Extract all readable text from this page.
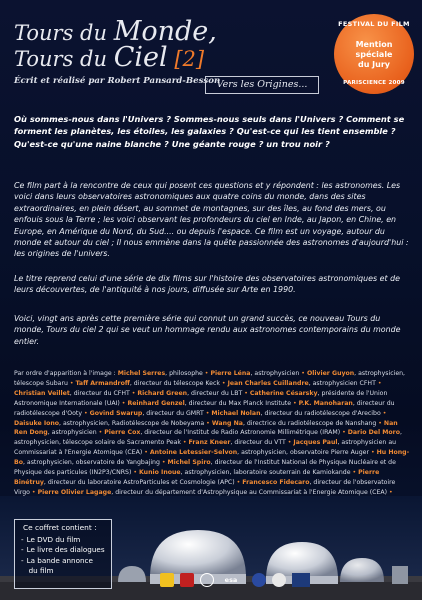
Tours du Monde,
Tours du Ciel [2]
Écrit et réalisé par Robert Pansard-Besson
Vers les Origines...
FESTIVAL DU FILM
Mention
spéciale
du Jury
PARISCIENCE 2009

Où sommes-nous dans l'Univers ? Sommes-nous seuls dans l'Univers ? Comment se forment les planètes, les étoiles, les galaxies ? Qu'est-ce qui les tient ensemble ? Qu'est-ce qu'une naine blanche ? Une géante rouge ? un trou noir ?

Ce film part à la rencontre de ceux qui posent ces questions et y répondent : les astronomes. Les voici dans leurs observatoires astronomiques aux quatre coins du monde, dans des sites extraordinaires, en plein désert, au sommet de montagnes, sur des îles, au fond des mers, ou enfouis sous la Terre ; les voici observant les profondeurs du ciel en Inde, au Japon, en Chine, en Europe, en Amérique du Nord, du Sud.... ou depuis l'espace. Ce film est un voyage, autour du monde et autour du ciel ; Il nous emmène dans la quête passionnée des astronomes d'aujourd'hui : les origines de l'univers.

Le titre reprend celui d'une série de dix films sur l'histoire des observatoires astronomiques et de leurs découvertes, de l'antiquité à nos jours, diffusée sur Arte en 1990.

Voici, vingt ans après cette première série qui connut un grand succès, ce nouveau Tours du monde, Tours du ciel 2 qui se veut un hommage rendu aux astronomes contemporains du monde entier.

Par ordre d'apparition à l'image : Michel Serres, philosophe • Pierre Léna, astrophysicien • Olivier Guyon, astrophysicien, télescope Subaru • Taff Armandroff, directeur du télescope Keck • Jean Charles Cuillandre, astrophysicien CFHT • Christian Veillet, directeur du CFHT • Richard Green, directeur du LBT • Catherine Césarsky, présidente de l'Union Astronomique Internationale (UAI) • Reinhard Genzel, directeur du Max Planck Institute • P.K. Manoharan, directeur du radiotélescope d'Ooty • Govind Swarup, directeur du GMRT • Michael Nolan, directeur du radiotélescope d'Arecibo • Daisuke Iono, astrophysicien, Radiotélescope de Nobeyama • Wang Na, directrice du radiotélescope de Nanshang • Nan Ren Dong, astrophysicien • Pierre Cox, directeur de l'Institut de Radio Astronomie Millimétrique (IRAM) • Dario Del Moro, astrophysicien, télescope solaire de Sacramento Peak • Franz Kneer, directeur du VTT • Jacques Paul, astrophysicien au Commissariat à l'Energie Atomique (CEA) • Antoine Letessier-Selvon, astrophysicien, observatoire Pierre Auger • Hu Hong-Bo, astrophysicien, observatoire de Yangbajing • Michel Spiro, directeur de l'Institut National de Physique Nucléaire et de Physique des particules (IN2P3/CNRS) • Kunio Inoue, astrophysicien, laboratoire souterrain de Kamiokande • Pierre Binétruy, directeur du laboratoire AstroParticules et Cosmologie (APC) • Francesco Fidecaro, directeur de l'observatoire Virgo • Pierre Olivier Lagage, directeur du département d'Astrophysique au Commissariat à l'Energie Atomique (CEA) •

Ce coffret contient :
- Le DVD du film
- Le livre des dialogues
- La bande annonce
du film
esa
